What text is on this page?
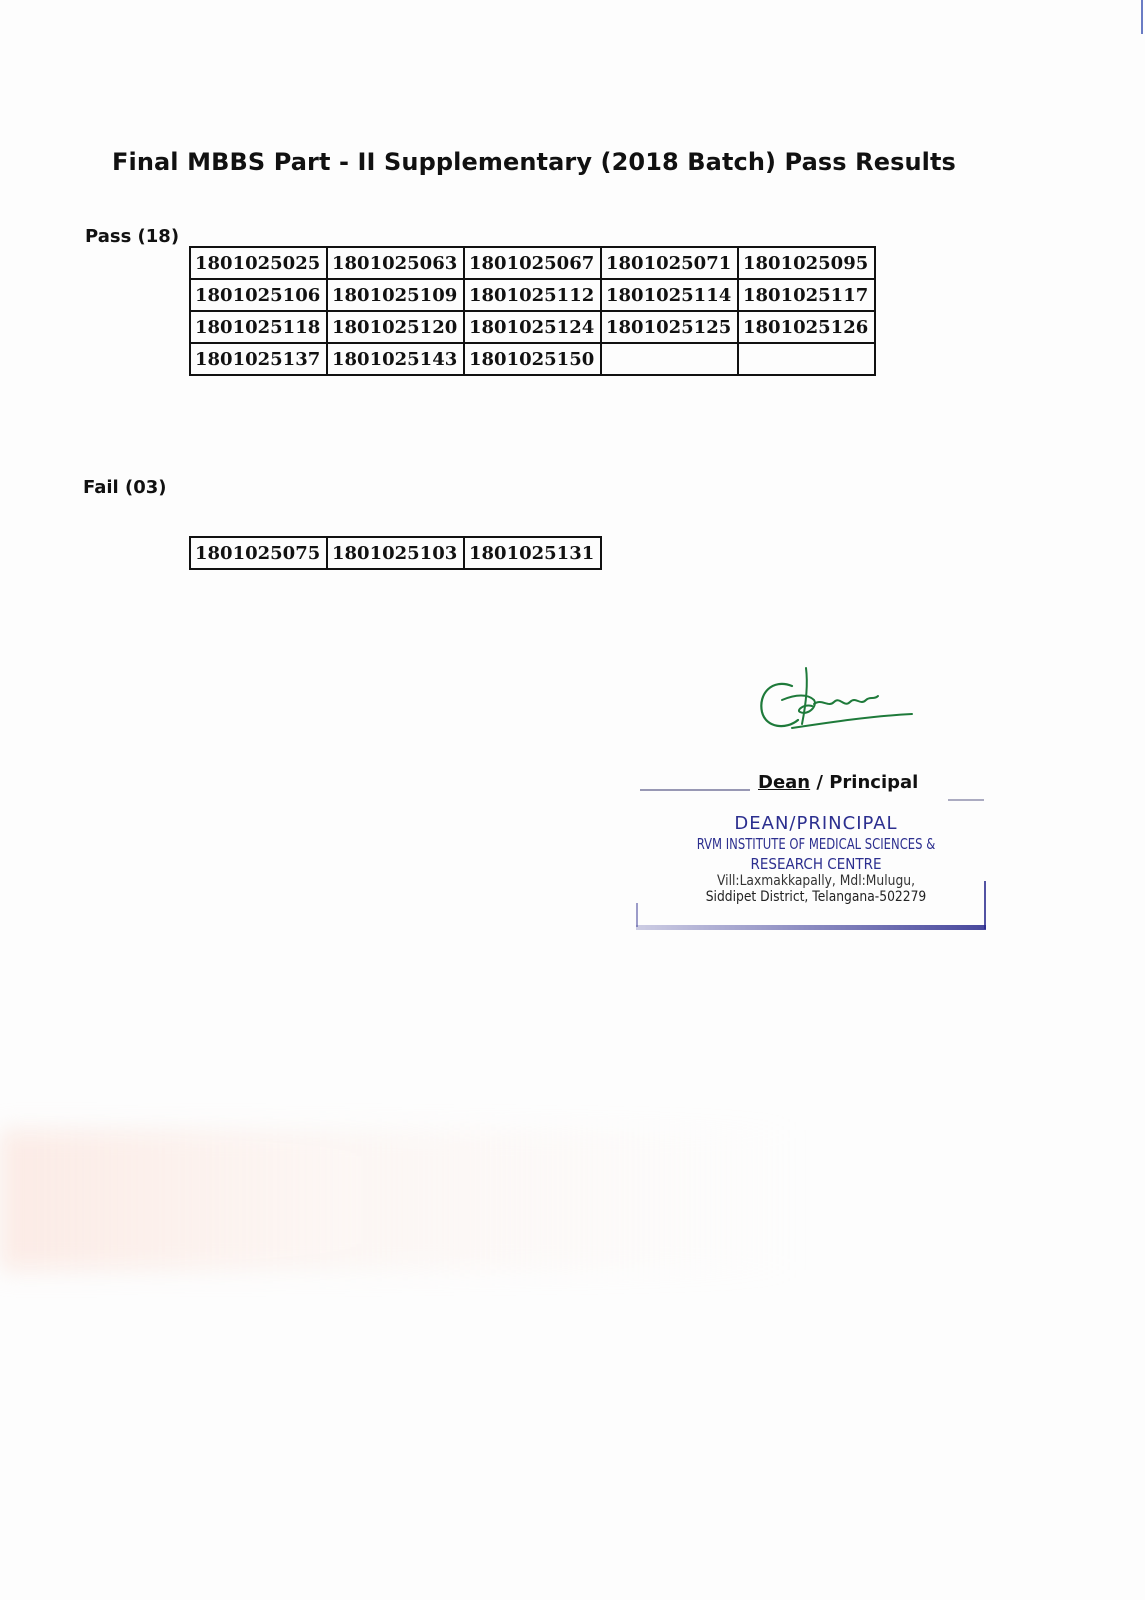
Final MBBS Part - II Supplementary (2018 Batch) Pass Results
Pass (18)
1801025025	1801025063	1801025067	1801025071	1801025095
1801025106	1801025109	1801025112	1801025114	1801025117
1801025118	1801025120	1801025124	1801025125	1801025126
1801025137	1801025143	1801025150		
Fail (03)
1801025075	1801025103	1801025131
Dean / Principal
DEAN/PRINCIPAL
RVM INSTITUTE OF MEDICAL SCIENCES &
RESEARCH CENTRE
Vill:Laxmakkapally, Mdl:Mulugu,
Siddipet District, Telangana-502279
